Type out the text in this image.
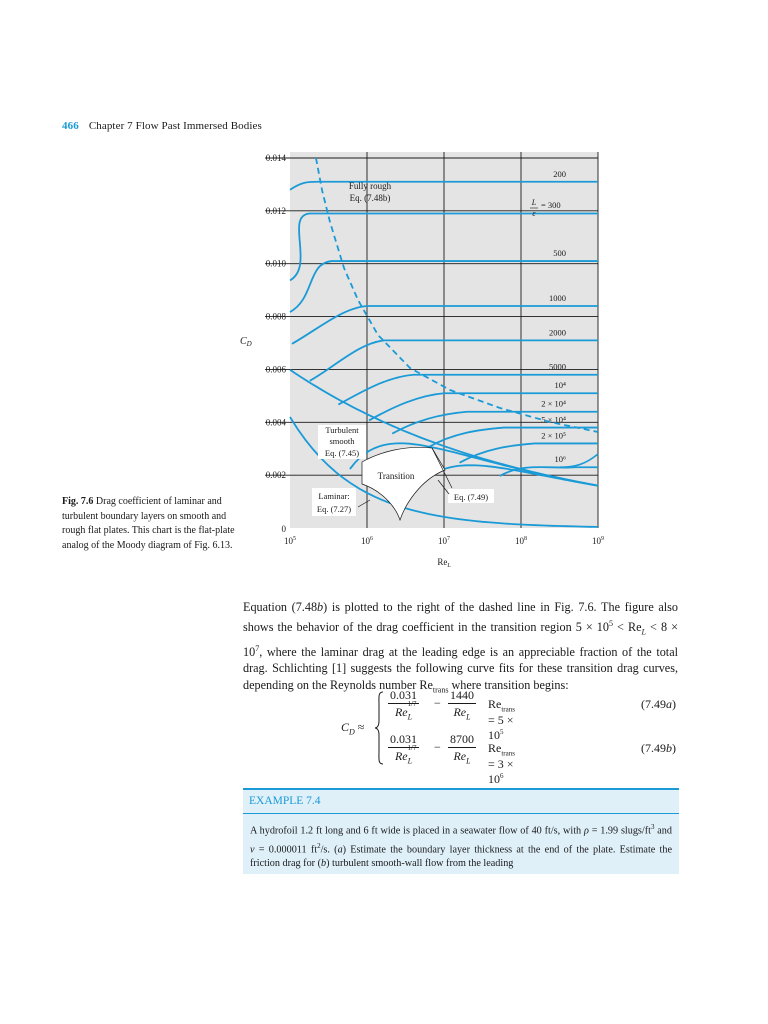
466 Chapter 7 Flow Past Immersed Bodies
0
0.002
0.004
0.006
0.008
0.010
0.012
0.014
$C_D$
$10^5$	$10^6$	$10^7$	$10^8$	$10^9$
$Re_L$
200
L
ε
= 300
500
1000
2000
5000
10⁴
2 × 10⁴
5 × 10⁴
2 × 10⁵
10⁶
Fully rough
Eq. (7.48b)
Turbulent
smooth
Eq. (7.45)
Transition
Laminar:
Eq. (7.27)
Eq. (7.49)
Fig. 7.6 Drag coefficient of laminar and turbulent boundary layers on smooth and rough flat plates. This chart is the flat-plate analog of the Moody diagram of Fig. 6.13.

Equation (7.48b) is plotted to the right of the dashed line in Fig. 7.6. The figure also shows the behavior of the drag coefficient in the transition region $5 \times 10^5 < Re_L < 8 \times 10^7$, where the laminar drag at the leading edge is an appreciable fraction of the total drag. Schlichting [1] suggests the following curve fits for these transition drag curves, depending on the Reynolds number $Re_{trans}$ where transition begins:

$C_D$ ≈
0.031
Re
1/7
$_L$ −
1440
$Re_L$
$Re_{trans} = 5 \times 10^5$
(7.49a)
0.031
Re
1/7
$_L$ −
8700
$Re_L$
$Re_{trans} = 3 \times 10^6$
(7.49b)
EXAMPLE 7.4
A hydrofoil 1.2 ft long and 6 ft wide is placed in a seawater flow of 40 ft/s, with ρ = 1.99 slugs/$ft^3$ and ν = 0.000011 $ft^2/s$. (a) Estimate the boundary layer thickness at the end of the plate. Estimate the friction drag for (b) turbulent smooth-wall flow from the leading
